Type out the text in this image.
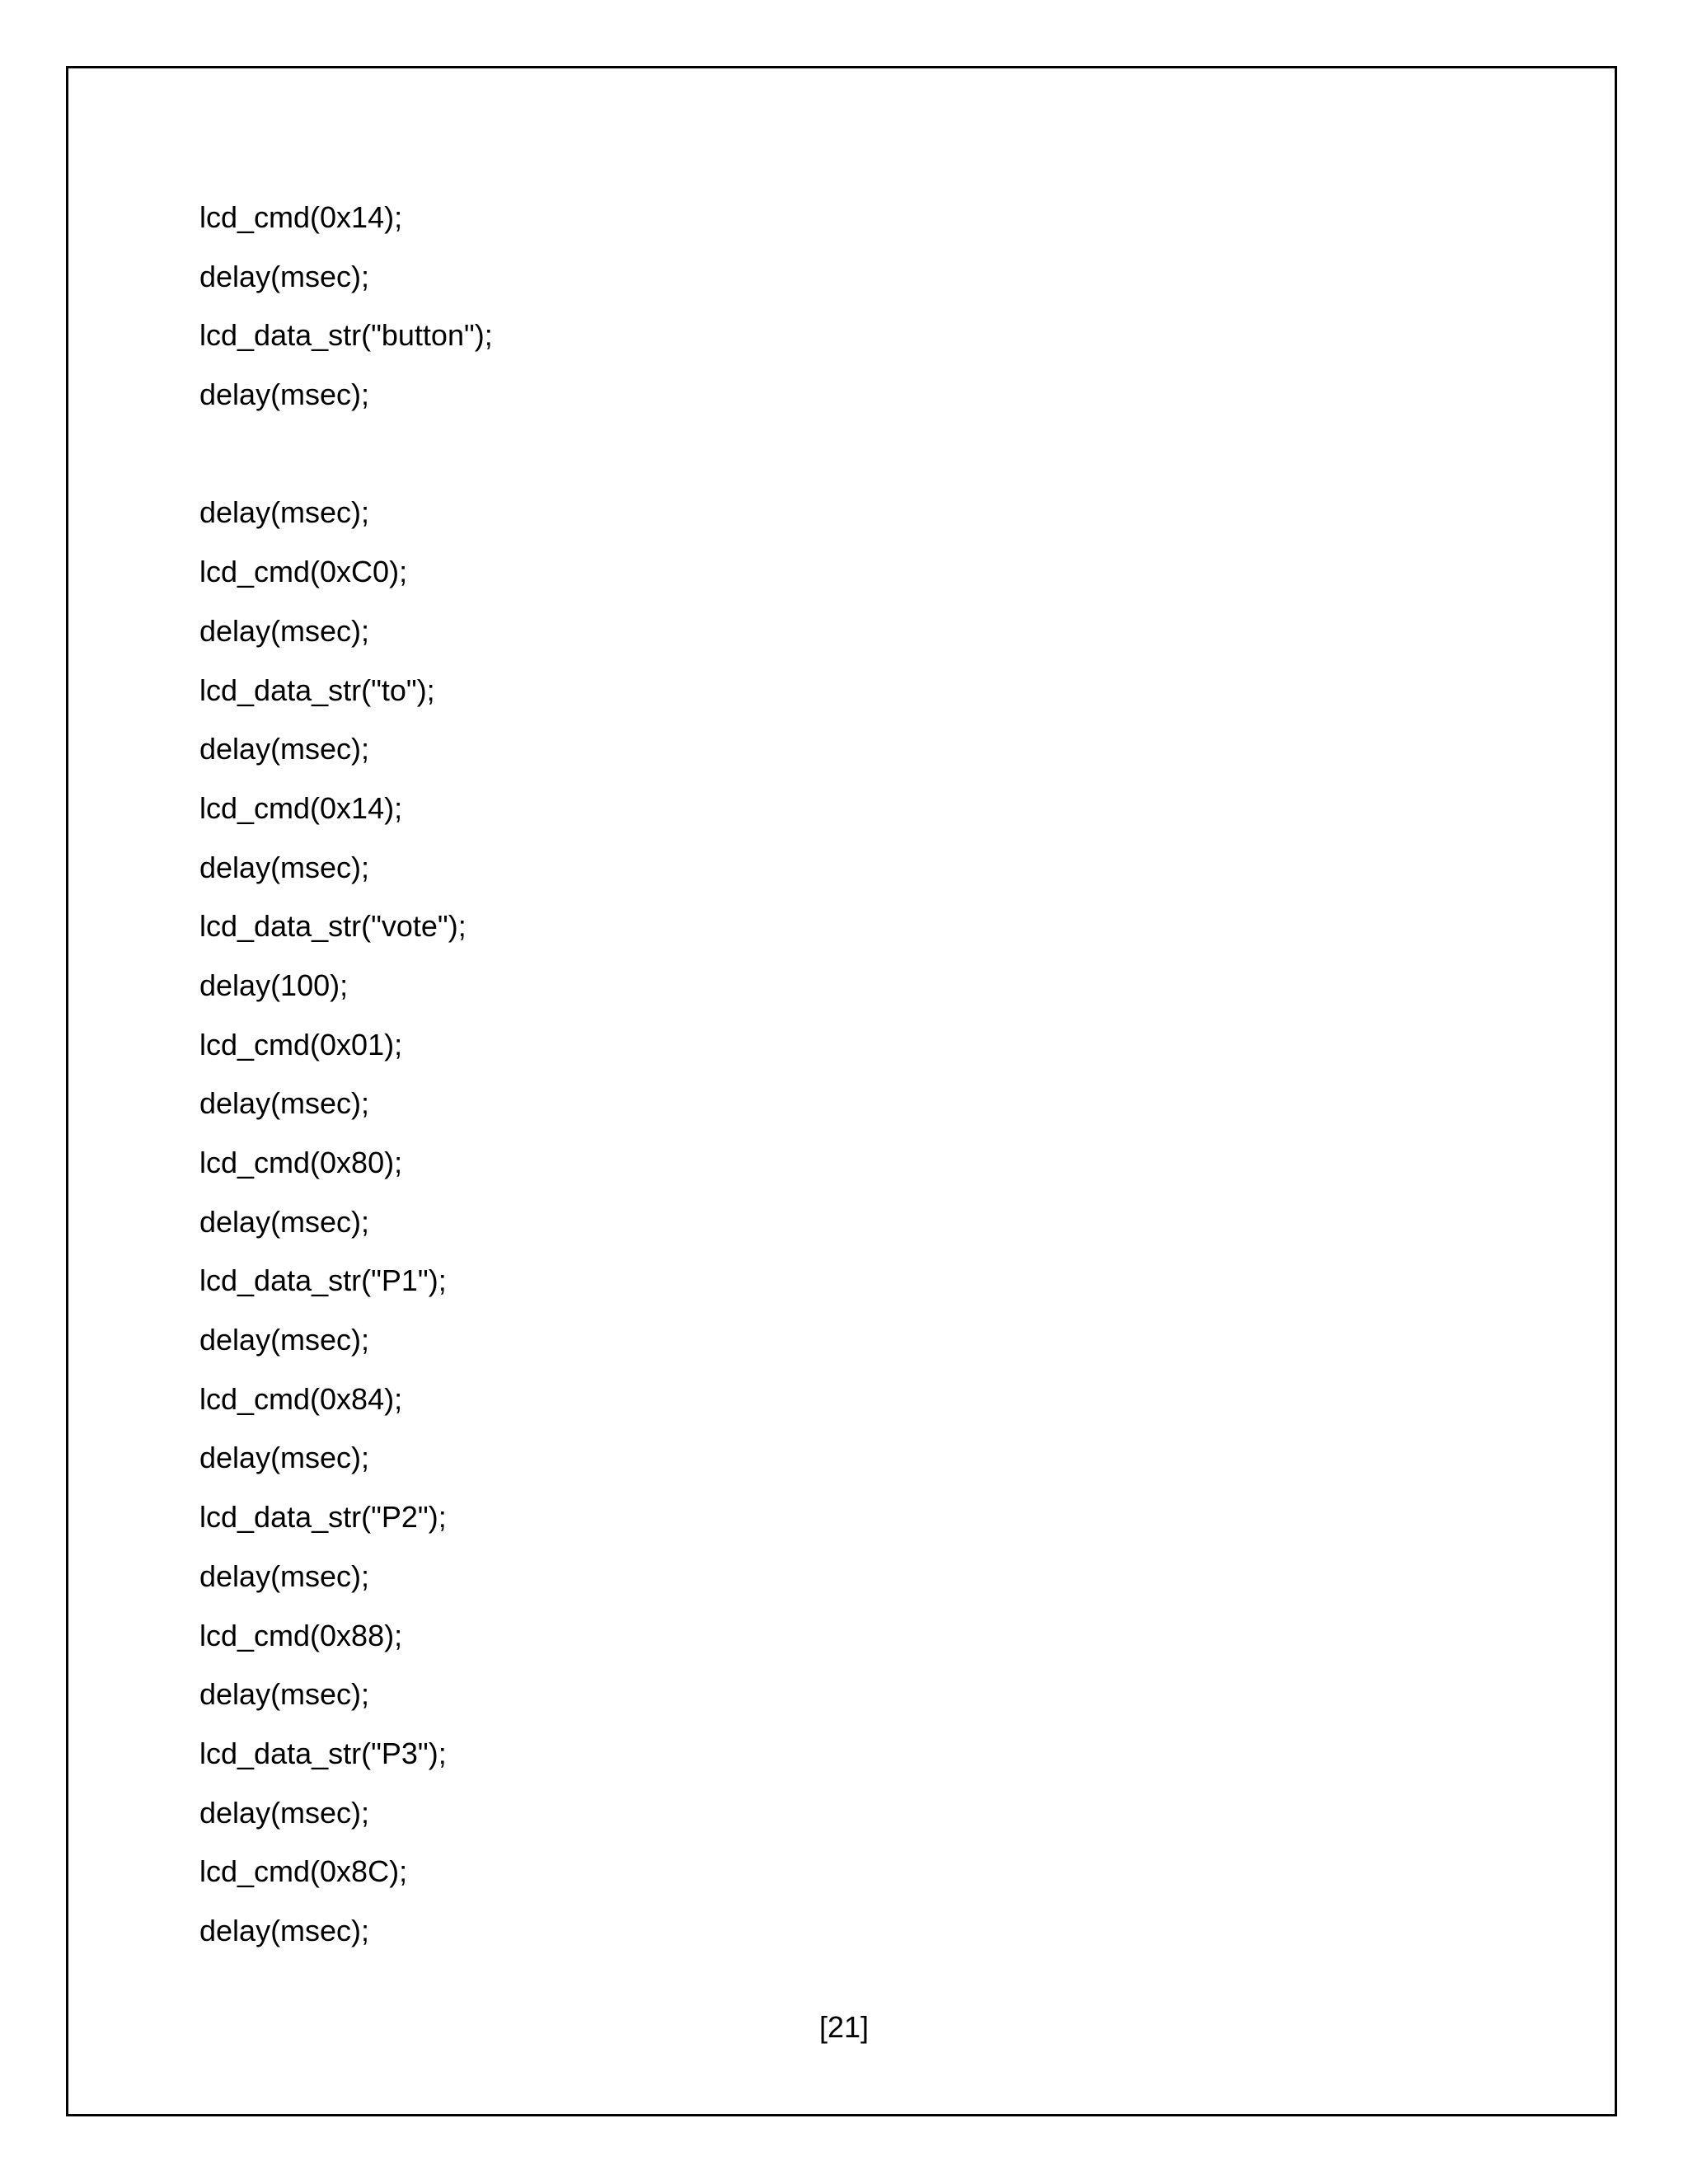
lcd_cmd(0x14);
delay(msec);
lcd_data_str("button");
delay(msec);
delay(msec);
lcd_cmd(0xC0);
delay(msec);
lcd_data_str("to");
delay(msec);
lcd_cmd(0x14);
delay(msec);
lcd_data_str("vote");
delay(100);
lcd_cmd(0x01);
delay(msec);
lcd_cmd(0x80);
delay(msec);
lcd_data_str("P1");
delay(msec);
lcd_cmd(0x84);
delay(msec);
lcd_data_str("P2");
delay(msec);
lcd_cmd(0x88);
delay(msec);
lcd_data_str("P3");
delay(msec);
lcd_cmd(0x8C);
delay(msec);
[21]
